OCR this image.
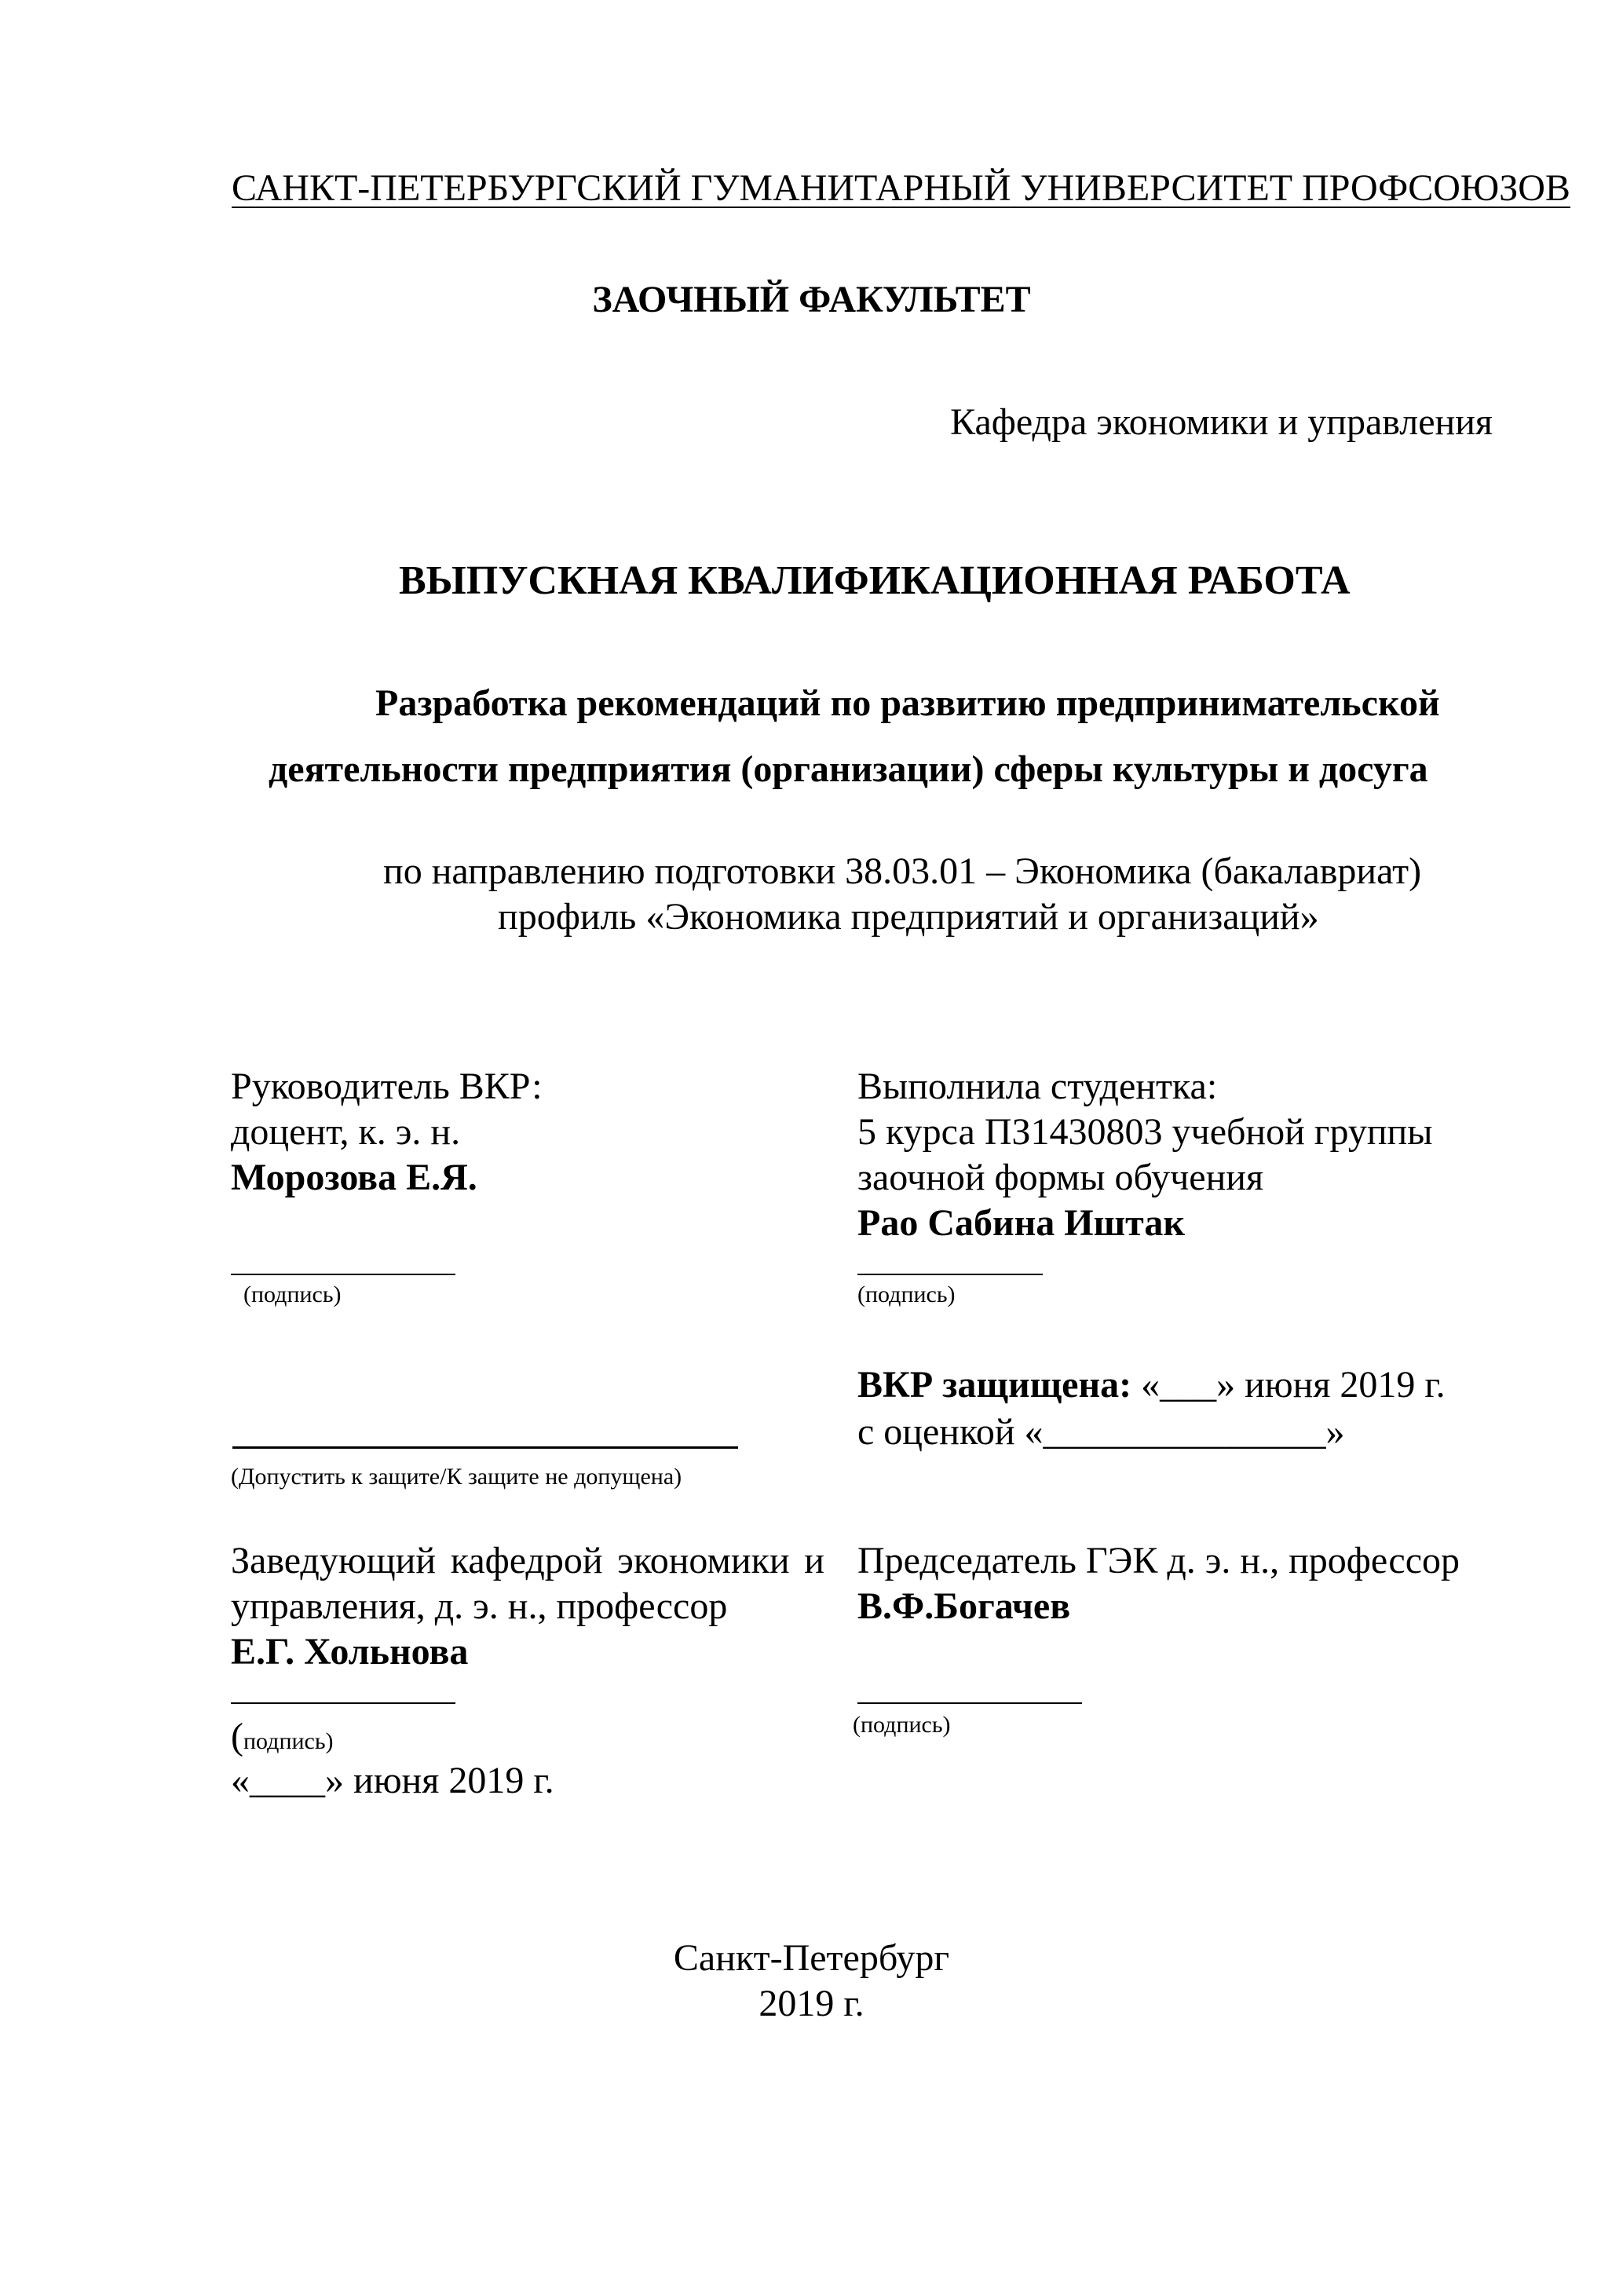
САНКТ-ПЕТЕРБУРГСКИЙ ГУМАНИТАРНЫЙ УНИВЕРСИТЕТ ПРОФСОЮЗОВ
ЗАОЧНЫЙ ФАКУЛЬТЕТ
Кафедра экономики и управления
ВЫПУСКНАЯ КВАЛИФИКАЦИОННАЯ РАБОТА
Разработка рекомендаций по развитию предпринимательской
деятельности предприятия (организации) сферы культуры и досуга
по направлению подготовки 38.03.01 – Экономика (бакалавриат)
профиль «Экономика предприятий и организаций»
Руководитель ВКР:
доцент, к. э. н.
Морозова Е.Я.
(подпись)
Выполнила студентка:
5 курса ПЗ1430803 учебной группы
заочной формы обучения
Рао Сабина Иштак
(подпись)
(Допустить к защите/К защите не допущена)
ВКР защищена: «___» июня 2019 г.
с оценкой «_______________»
Заведующий кафедрой экономики и
управления, д. э. н., профессор
Е.Г. Хольнова
(подпись)
«____» июня 2019 г.
Председатель ГЭК д. э. н., профессор
В.Ф.Богачев
(подпись)
Санкт-Петербург
2019 г.
